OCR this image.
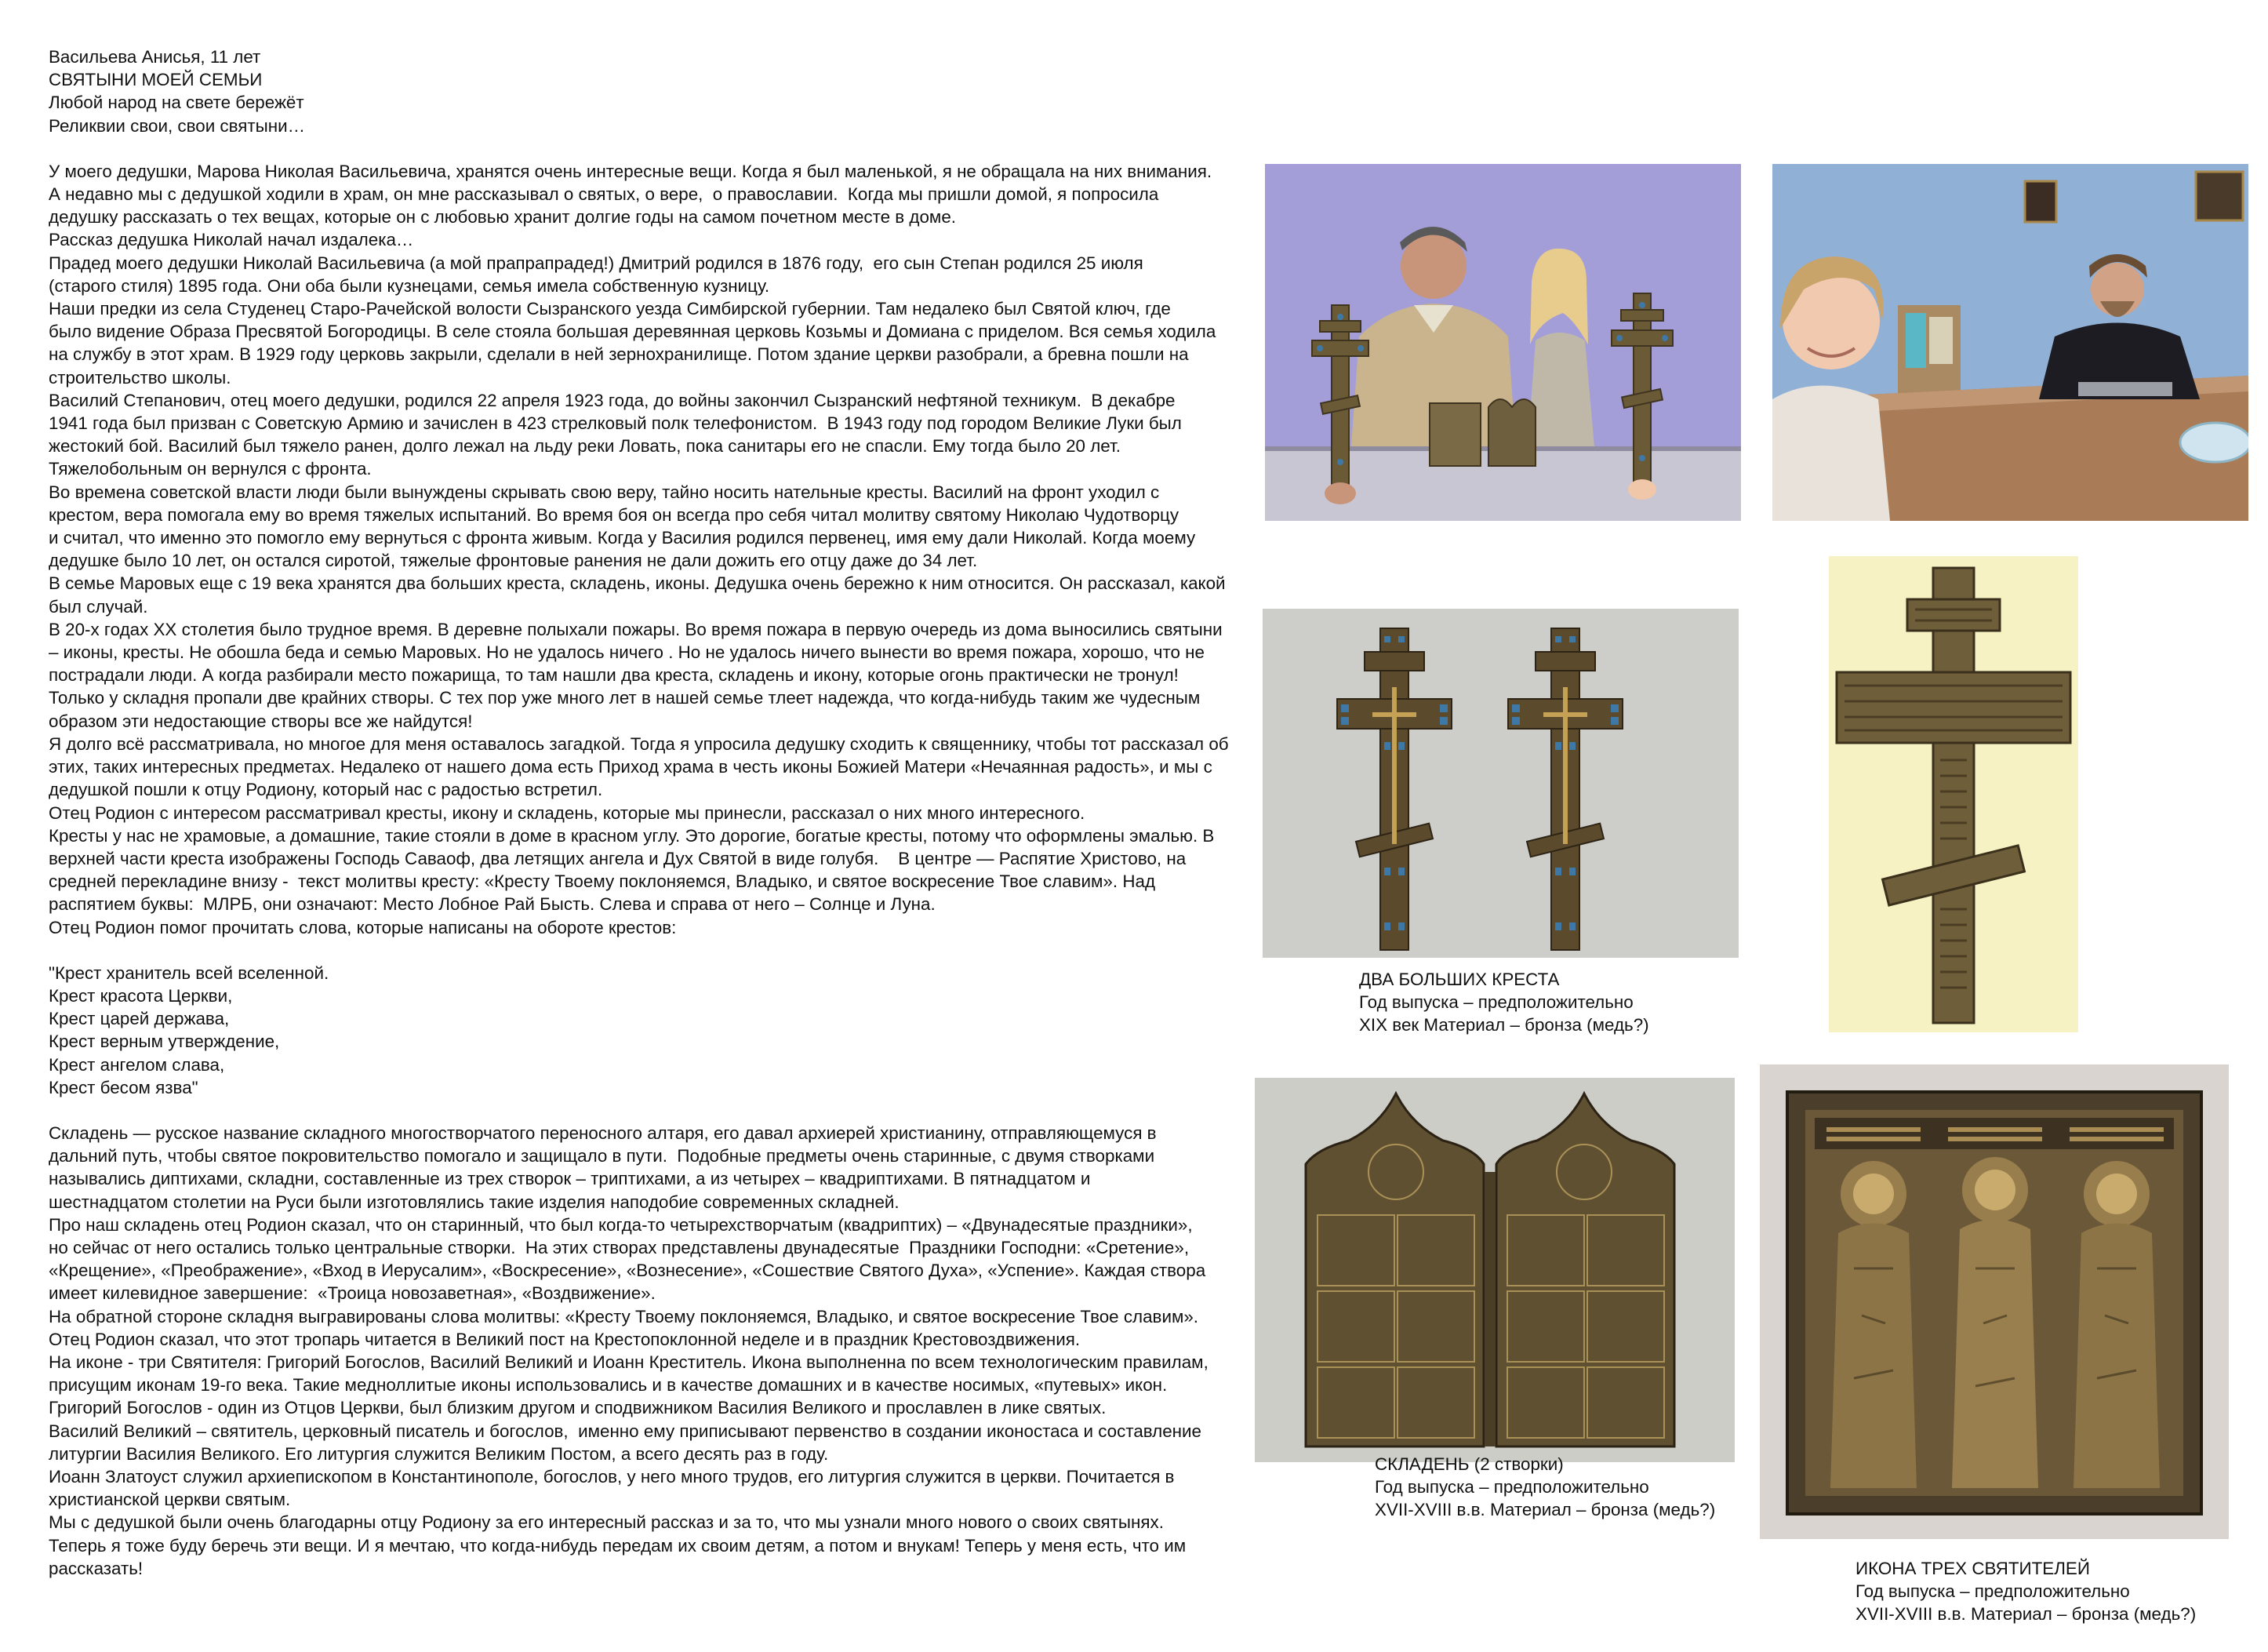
Васильева Анисья, 11 лет

СВЯТЫНИ МОЕЙ СЕМЬИ

Любой народ на свете бережёт

Реликвии свои, свои святыни…

У моего дедушки, Марова Николая Васильевича, хранятся очень интересные вещи. Когда я был маленькой, я не обращала на них внимания.

А недавно мы с дедушкой ходили в храм, он мне рассказывал о святых, о вере,  о православии.  Когда мы пришли домой, я попросила

дедушку рассказать о тех вещах, которые он с любовью хранит долгие годы на самом почетном месте в доме.

Рассказ дедушка Николай начал издалека…

Прадед моего дедушки Николай Васильевича (а мой прапрапрадед!) Дмитрий родился в 1876 году,  его сын Степан родился 25 июля

(старого стиля) 1895 года. Они оба были кузнецами, семья имела собственную кузницу.

Наши предки из села Студенец Старо-Рачейской волости Сызранского уезда Симбирской губернии. Там недалеко был Святой ключ, где

было видение Образа Пресвятой Богородицы. В селе стояла большая деревянная церковь Козьмы и Домиана с приделом. Вся семья ходила

на службу в этот храм. В 1929 году церковь закрыли, сделали в ней зернохранилище. Потом здание церкви разобрали, а бревна пошли на

строительство школы.

Василий Степанович, отец моего дедушки, родился 22 апреля 1923 года, до войны закончил Сызранский нефтяной техникум.  В декабре

1941 года был призван с Советскую Армию и зачислен в 423 стрелковый полк телефонистом.  В 1943 году под городом Великие Луки был

жестокий бой. Василий был тяжело ранен, долго лежал на льду реки Ловать, пока санитары его не спасли. Ему тогда было 20 лет.

Тяжелобольным он вернулся с фронта.

Во времена советской власти люди были вынуждены скрывать свою веру, тайно носить нательные кресты. Василий на фронт уходил с

крестом, вера помогала ему во время тяжелых испытаний. Во время боя он всегда про себя читал молитву святому Николаю Чудотворцу

и считал, что именно это помогло ему вернуться с фронта живым. Когда у Василия родился первенец, имя ему дали Николай. Когда моему

дедушке было 10 лет, он остался сиротой, тяжелые фронтовые ранения не дали дожить его отцу даже до 34 лет.

В семье Маровых еще с 19 века хранятся два больших креста, складень, иконы. Дедушка очень бережно к ним относится. Он рассказал, какой

был случай.

В 20-х годах XX столетия было трудное время. В деревне полыхали пожары. Во время пожара в первую очередь из дома выносились святыни

– иконы, кресты. Не обошла беда и семью Маровых. Но не удалось ничего . Но не удалось ничего вынести во время пожара, хорошо, что не

пострадали люди. А когда разбирали место пожарища, то там нашли два креста, складень и икону, которые огонь практически не тронул!

Только у складня пропали две крайних створы. С тех пор уже много лет в нашей семье тлеет надежда, что когда-нибудь таким же чудесным

образом эти недостающие створы все же найдутся!

Я долго всё рассматривала, но многое для меня оставалось загадкой. Тогда я упросила дедушку сходить к священнику, чтобы тот рассказал об

этих, таких интересных предметах. Недалеко от нашего дома есть Приход храма в честь иконы Божией Матери «Нечаянная радость», и мы с

дедушкой пошли к отцу Родиону, который нас с радостью встретил.

Отец Родион с интересом рассматривал кресты, икону и складень, которые мы принесли, рассказал о них много интересного.

Кресты у нас не храмовые, а домашние, такие стояли в доме в красном углу. Это дорогие, богатые кресты, потому что оформлены эмалью. В

верхней части креста изображены Господь Саваоф, два летящих ангела и Дух Святой в виде голубя.    В центре — Распятие Христово, на

средней перекладине внизу -  текст молитвы кресту: «Кресту Твоему поклоняемся, Владыко, и святое воскресение Твое славим». Над

распятием буквы:  МЛРБ, они означают: Место Лобное Рай Бысть. Слева и справа от него – Солнце и Луна.

Отец Родион помог прочитать слова, которые написаны на обороте крестов:

"Крест хранитель всей вселенной.

Крест красота Церкви,

Крест царей держава,

Крест верным утверждение,

Крест ангелом слава,

Крест бесом язва"

Складень — русское название складного многостворчатого переносного алтаря, его давал архиерей христианину, отправляющемуся в

дальний путь, чтобы святое покровительство помогало и защищало в пути.  Подобные предметы очень старинные, с двумя створками

назывались диптихами, складни, составленные из трех створок – триптихами, а из четырех – квадриптихами. В пятнадцатом и

шестнадцатом столетии на Руси были изготовлялись такие изделия наподобие современных складней.

Про наш складень отец Родион сказал, что он старинный, что был когда-то четырехстворчатым (квадриптих) – «Двунадесятые праздники»,

но сейчас от него остались только центральные створки.  На этих створах представлены двунадесятые  Праздники Господни: «Сретение»,

«Крещение», «Преображение», «Вход в Иерусалим», «Воскресение», «Вознесение», «Сошествие Святого Духа», «Успение». Каждая створа

имеет килевидное завершение:  «Троица новозаветная», «Воздвижение».

На обратной стороне складня выгравированы слова молитвы: «Кресту Твоему поклоняемся, Владыко, и святое воскресение Твое славим».

Отец Родион сказал, что этот тропарь читается в Великий пост на Крестопоклонной неделе и в праздник Крестовоздвижения.

На иконе - три Святителя: Григорий Богослов, Василий Великий и Иоанн Креститель. Икона выполненна по всем технологическим правилам,

присущим иконам 19-го века. Такие медноллитые иконы использовались и в качестве домашних и в качестве носимых, «путевых» икон.

Григорий Богослов - один из Отцов Церкви, был близким другом и сподвижником Василия Великого и прославлен в лике святых.

Василий Великий – святитель, церковный писатель и богослов,  именно ему приписывают первенство в создании иконостаса и составление

литургии Василия Великого. Его литургия служится Великим Постом, а всего десять раз в году.

Иоанн Златоуст служил архиепископом в Константинополе, богослов, у него много трудов, его литургия служится в церкви. Почитается в

христианской церкви святым.

Мы с дедушкой были очень благодарны отцу Родиону за его интересный рассказ и за то, что мы узнали много нового о своих святынях.

Теперь я тоже буду беречь эти вещи. И я мечтаю, что когда-нибудь передам их своим детям, а потом и внукам! Теперь у меня есть, что им

рассказать!

ДВА БОЛЬШИХ КРЕСТА
Год выпуска – предположительно
XIX век Материал – бронза (медь?)
СКЛАДЕНЬ (2 створки)
Год выпуска – предположительно
XVII-XVIII в.в. Материал – бронза (медь?)
ИКОНА ТРЕХ СВЯТИТЕЛЕЙ
Год выпуска – предположительно
XVII-XVIII в.в. Материал – бронза (медь?)
